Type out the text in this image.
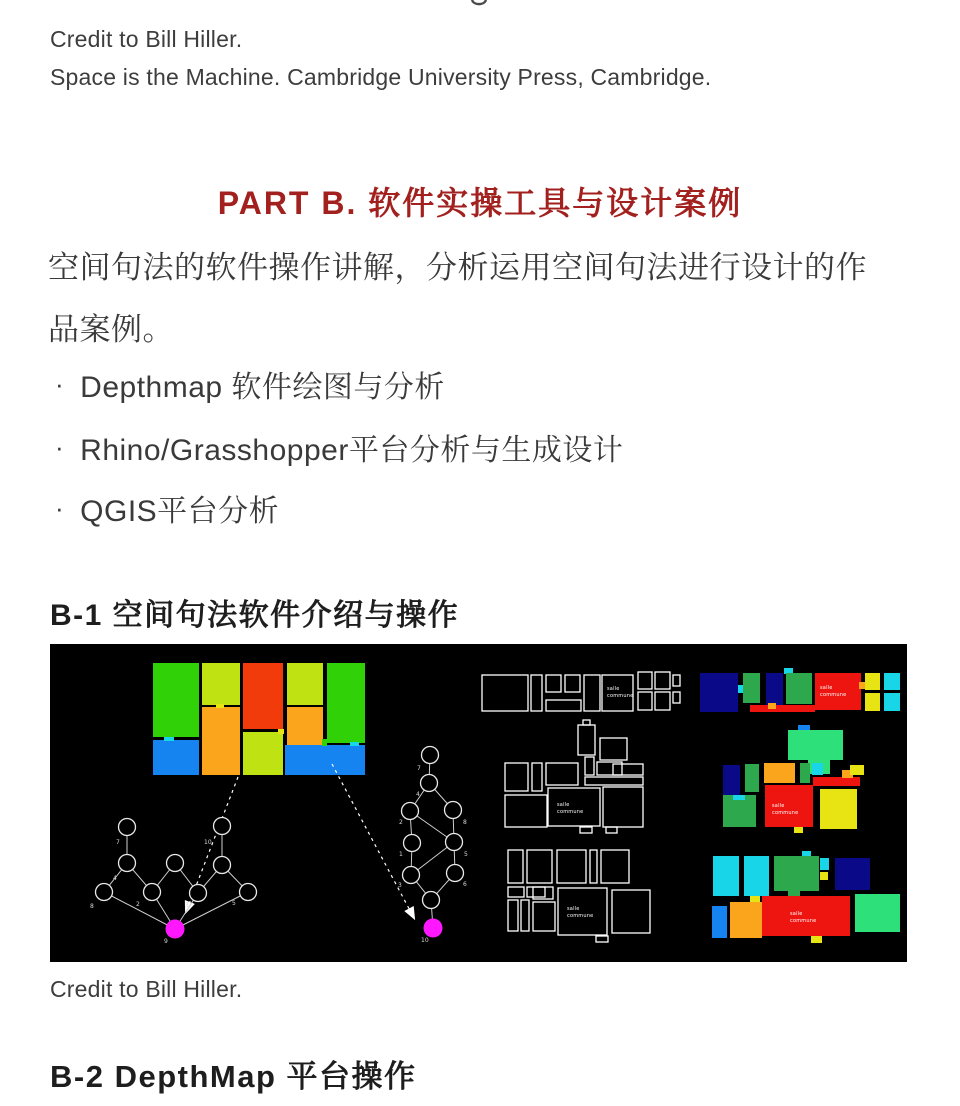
Credit to Bill Hiller.

Space is the Machine. Cambridge University Press, Cambridge.

PART B. 软件实操工具与设计案例

空间句法的软件操作讲解，分析运用空间句法进行设计的作品案例。

· Depthmap 软件绘图与分析
· Rhino/Grasshopper平台分析与生成设计
· QGIS平台分析
B-1 空间句法软件介绍与操作
7	10
4
8	2	3	5
9
7
4
2	8
1	5
3	6
10
salle commune
salle commune
salle commune
salle commune
salle commune
salle commune

Credit to Bill Hiller.

B-2 DepthMap 平台操作
